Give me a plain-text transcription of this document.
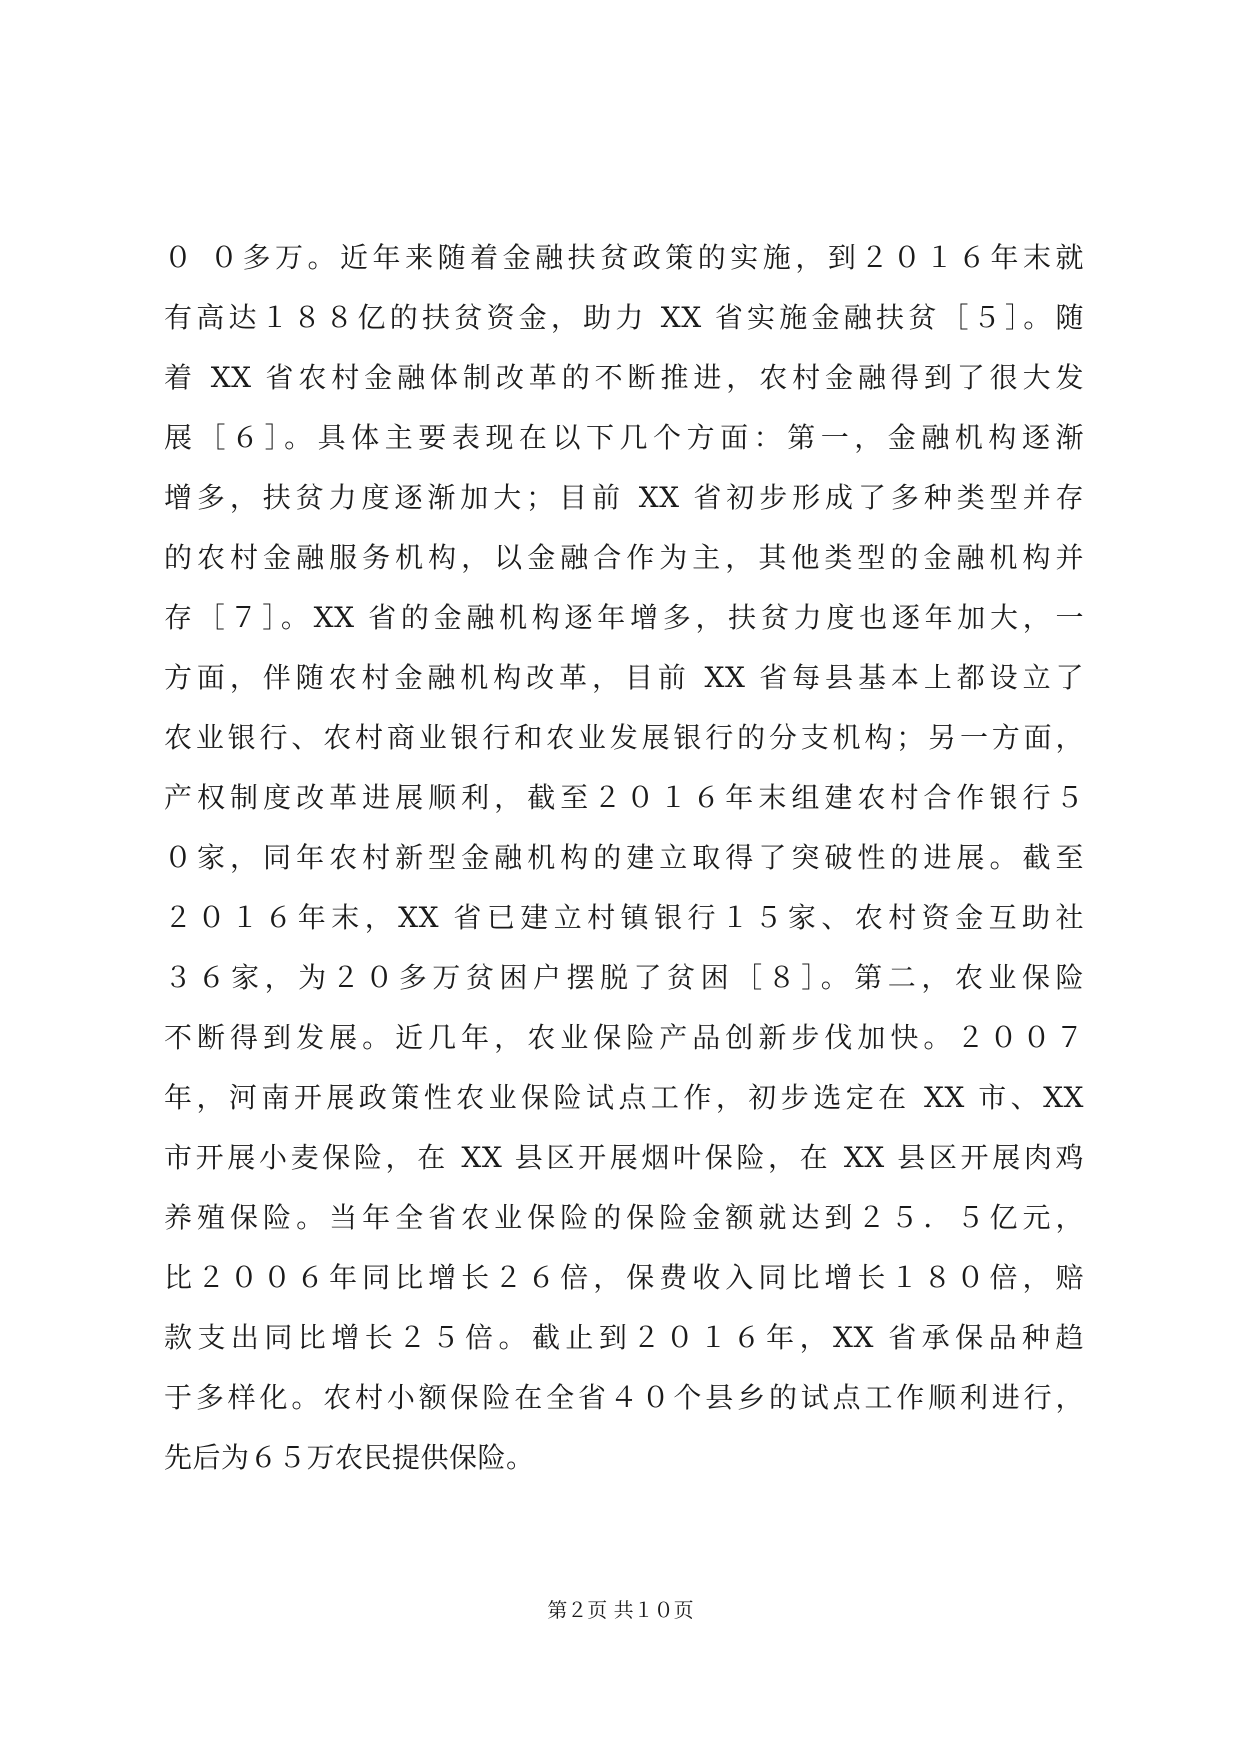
０ ０多万。近年来随着金融扶贫政策的实施，到２０１６年末就
有高达１８８亿的扶贫资金，助力 XX 省实施金融扶贫［５］。随
着 XX 省农村金融体制改革的不断推进，农村金融得到了很大发
展［６］。具体主要表现在以下几个方面：第一，金融机构逐渐
增多，扶贫力度逐渐加大；目前 XX 省初步形成了多种类型并存
的农村金融服务机构，以金融合作为主，其他类型的金融机构并
存［７］。XX 省的金融机构逐年增多，扶贫力度也逐年加大，一
方面，伴随农村金融机构改革，目前 XX 省每县基本上都设立了
农业银行、农村商业银行和农业发展银行的分支机构；另一方面，
产权制度改革进展顺利，截至２０１６年末组建农村合作银行５
０家，同年农村新型金融机构的建立取得了突破性的进展。截至
２０１６年末，XX 省已建立村镇银行１５家、农村资金互助社
３６家，为２０多万贫困户摆脱了贫困［８］。第二，农业保险
不断得到发展。近几年，农业保险产品创新步伐加快。２００７
年，河南开展政策性农业保险试点工作，初步选定在 XX 市、XX
市开展小麦保险，在 XX 县区开展烟叶保险，在 XX 县区开展肉鸡
养殖保险。当年全省农业保险的保险金额就达到２５．５亿元，
比２００６年同比增长２６倍，保费收入同比增长１８０倍，赔
款支出同比增长２５倍。截止到２０１６年，XX 省承保品种趋
于多样化。农村小额保险在全省４０个县乡的试点工作顺利进行，
先后为６５万农民提供保险。
第２页 共１０页
